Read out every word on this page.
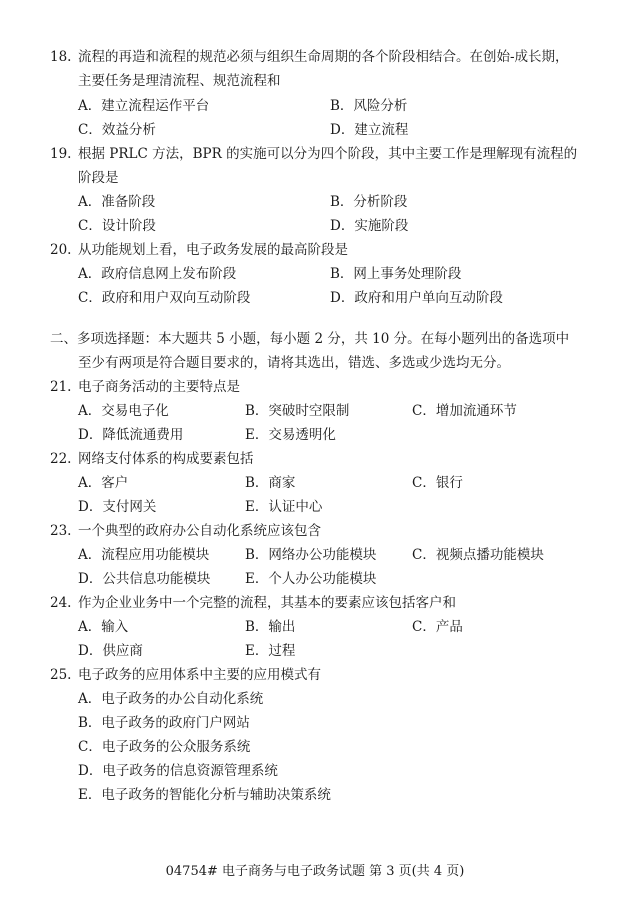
18. 流程的再造和流程的规范必须与组织生命周期的各个阶段相结合。在创始-成长期，
主要任务是理清流程、规范流程和
A．建立流程运作平台	B．风险分析
C．效益分析	D．建立流程
19. 根据 PRLC 方法，BPR 的实施可以分为四个阶段，其中主要工作是理解现有流程的
阶段是
A．准备阶段	B．分析阶段
C．设计阶段	D．实施阶段
20. 从功能规划上看，电子政务发展的最高阶段是
A．政府信息网上发布阶段	B．网上事务处理阶段
C．政府和用户双向互动阶段	D．政府和用户单向互动阶段
二、多项选择题：本大题共 5 小题，每小题 2 分，共 10 分。在每小题列出的备选项中
至少有两项是符合题目要求的，请将其选出，错选、多选或少选均无分。
21. 电子商务活动的主要特点是
A．交易电子化	B．突破时空限制	C．增加流通环节
D．降低流通费用	E．交易透明化
22. 网络支付体系的构成要素包括
A．客户	B．商家	C．银行
D．支付网关	E．认证中心
23. 一个典型的政府办公自动化系统应该包含
A．流程应用功能模块	B．网络办公功能模块	C．视频点播功能模块
D．公共信息功能模块	E．个人办公功能模块
24. 作为企业业务中一个完整的流程，其基本的要素应该包括客户和
A．输入	B．输出	C．产品
D．供应商	E．过程
25. 电子政务的应用体系中主要的应用模式有
A．电子政务的办公自动化系统
B．电子政务的政府门户网站
C．电子政务的公众服务系统
D．电子政务的信息资源管理系统
E．电子政务的智能化分析与辅助决策系统
04754# 电子商务与电子政务试题 第 3 页(共 4 页)
